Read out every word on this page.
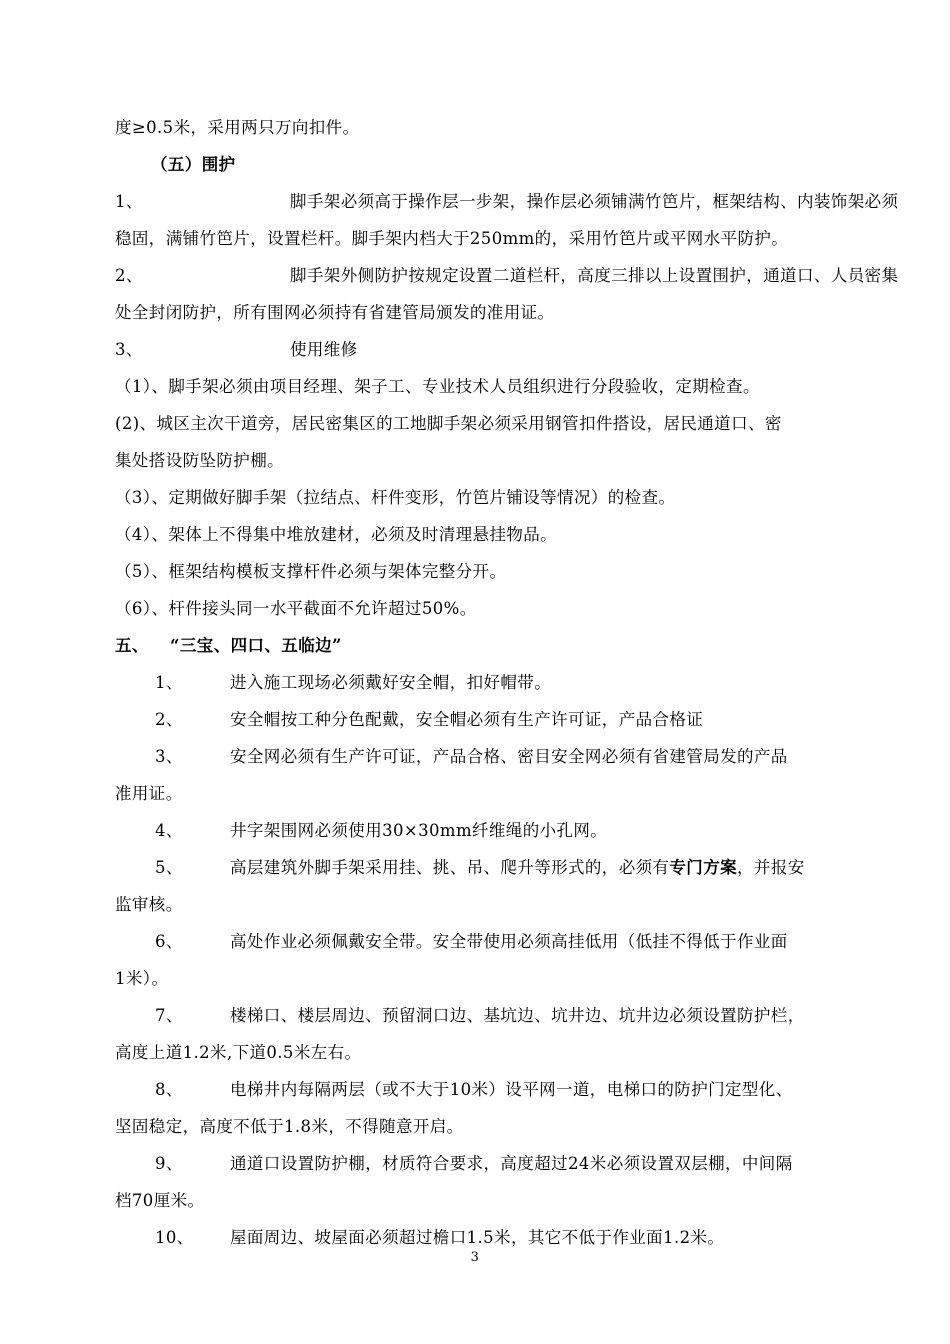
度≥0.5米，采用两只万向扣件。
（五）围护
1、	脚手架必须高于操作层一步架，操作层必须铺满竹笆片，框架结构、内装饰架必须
稳固，满铺竹笆片，设置栏杆。脚手架内档大于250mm的，采用竹笆片或平网水平防护。
2、	脚手架外侧防护按规定设置二道栏杆，高度三排以上设置围护，通道口、人员密集
处全封闭防护，所有围网必须持有省建管局颁发的准用证。
3、	使用维修
（1）、脚手架必须由项目经理、架子工、专业技术人员组织进行分段验收，定期检查。
(2)、城区主次干道旁，居民密集区的工地脚手架必须采用钢管扣件搭设，居民通道口、密
集处搭设防坠防护棚。
（3）、定期做好脚手架（拉结点、杆件变形，竹笆片铺设等情况）的检查。
（4）、架体上不得集中堆放建材，必须及时清理悬挂物品。
（5）、框架结构模板支撑杆件必须与架体完整分开。
（6）、杆件接头同一水平截面不允许超过50%。
五、 “三宝、四口、五临边”
1、	进入施工现场必须戴好安全帽，扣好帽带。
2、	安全帽按工种分色配戴，安全帽必须有生产许可证，产品合格证
3、	安全网必须有生产许可证，产品合格、密目安全网必须有省建管局发的产品
准用证。
4、	井字架围网必须使用30×30mm纤维绳的小孔网。
5、	高层建筑外脚手架采用挂、挑、吊、爬升等形式的，必须有专门方案，并报安
监审核。
6、	高处作业必须佩戴安全带。安全带使用必须高挂低用（低挂不得低于作业面
1米）。
7、	楼梯口、楼层周边、预留洞口边、基坑边、坑井边、坑井边必须设置防护栏，
高度上道1.2米,下道0.5米左右。
8、	电梯井内每隔两层（或不大于10米）设平网一道，电梯口的防护门定型化、
坚固稳定，高度不低于1.8米，不得随意开启。
9、	通道口设置防护棚，材质符合要求，高度超过24米必须设置双层棚，中间隔
档70厘米。
10、 屋面周边、坡屋面必须超过檐口1.5米，其它不低于作业面1.2米。
3
